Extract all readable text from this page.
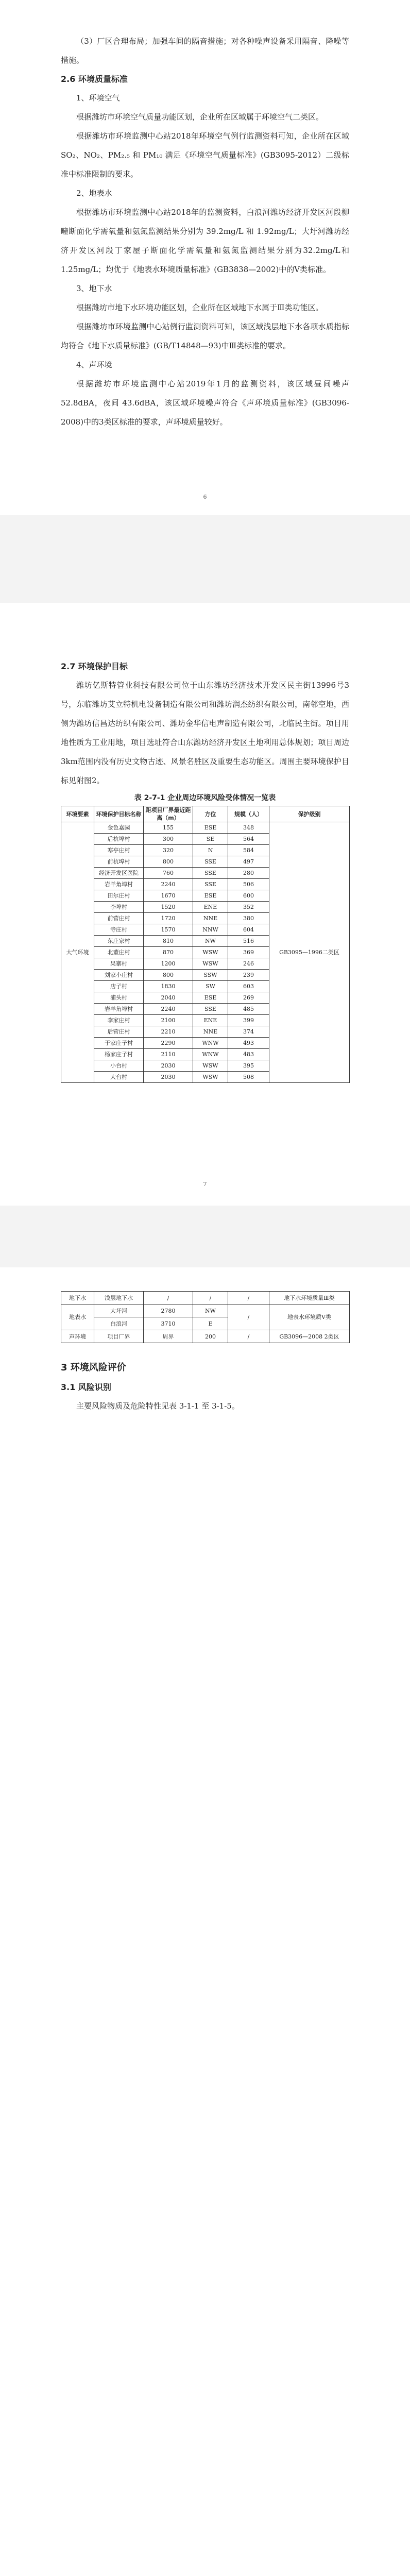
（3）厂区合理布局；加强车间的隔音措施；对各种噪声设备采用隔音、降噪等措施。

2.6 环境质量标准

1、环境空气

根据潍坊市环境空气质量功能区划，企业所在区域属于环境空气二类区。

根据潍坊市环境监测中心站2018年环境空气例行监测资料可知，企业所在区域 SO₂、NO₂、PM₂.₅ 和 PM₁₀ 满足《环境空气质量标准》(GB3095-2012）二级标准中标准限制的要求。

2、地表水

根据潍坊市环境监测中心站2018年的监测资料，白浪河潍坊经济开发区河段柳疃断面化学需氧量和氨氮监测结果分别为 39.2mg/L 和 1.92mg/L；大圩河潍坊经济开发区河段丁家屋子断面化学需氧量和氨氮监测结果分别为32.2mg/L和1.25mg/L；均优于《地表水环境质量标准》(GB3838—2002)中的Ⅴ类标准。

3、地下水

根据潍坊市地下水环境功能区划，企业所在区域地下水属于Ⅲ类功能区。

根据潍坊市环境监测中心站例行监测资料可知，该区域浅层地下水各项水质指标均符合《地下水质量标准》(GB/T14848—93)中Ⅲ类标准的要求。

4、声环境

根据潍坊市环境监测中心站2019年1月的监测资料，该区域昼间噪声 52.8dBA，夜间 43.6dBA，该区域环境噪声符合《声环境质量标准》(GB3096-2008)中的3类区标准的要求，声环境质量较好。

6
2.7 环境保护目标

潍坊亿斯特管业科技有限公司位于山东潍坊经济技术开发区民主街13996号3号，东临潍坊艾立特机电设备制造有限公司和潍坊润杰纺织有限公司，南邻空地，西侧为潍坊信昌达纺织有限公司、潍坊金华信电声制造有限公司，北临民主街。项目用地性质为工业用地，项目选址符合山东潍坊经济开发区土地利用总体规划；项目周边3km范围内没有历史文物古迹、风景名胜区及重要生态功能区。周围主要环境保护目标见附图2。

表 2-7-1 企业周边环境风险受体情况一览表
环境要素	环境保护目标名称	距项目厂界最近距离（m）	方位	规模（人）	保护级别
大气环境	金色嘉园	155	ESE	348	GB3095—1996二类区
	后杭埠村	300	SE	564	
	寒亭庄村	320	N	584	
	前杭埠村	800	SSE	497	
	经济开发区医院	760	SSE	280	
	岩羊角埠村	2240	SSE	506	
	田尔庄村	1670	ESE	600	
	李埠村	1520	ENE	352	
	前营庄村	1720	NNE	380	
	寺庄村	1570	NNW	604	
	东庄家村	810	NW	516	
	北董庄村	870	WSW	369	
	果寨村	1200	WSW	246	
	刘家小庄村	800	SSW	239	
	店子村	1830	SW	603	
	浦头村	2040	ESE	269	
	岩羊角埠村	2240	SSE	485	
	李家庄村	2100	ENE	399	
	后营庄村	2210	NNE	374	
	于家庄子村	2290	WNW	493	
	杨家庄子村	2110	WNW	483	
	小台村	2030	WSW	395	
	大台村	2030	WSW	508	
7
地下水	浅层地下水	/	/	/	地下水环境质量Ⅲ类
地表水	大圩河	2780	NW	/	地表水环境质Ⅴ类
	白浪河	3710	E		
声环境	项目厂界	周界	200	/	GB3096—2008 2类区
3 环境风险评价
3.1 风险识别

主要风险物质及危险特性见表 3-1-1 至 3-1-5。
